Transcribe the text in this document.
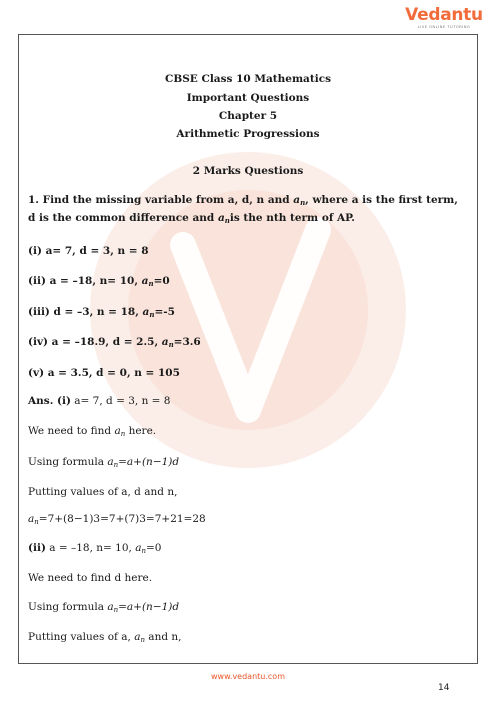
Vedantu
LIVE ONLINE TUTORING
CBSE Class 10 Mathematics
Important Questions
Chapter 5
Arithmetic Progressions
2 Marks Questions
1. Find the missing variable from a, d, n and $a_n$, where a is the first term, d is the common difference and $a_nis$ the nth term of AP.
(i) a= 7, d = 3, n = 8
(ii) a = –18, n= 10, $a_n=0$
(iii) d = –3, n = 18, $a_n=-5$
(iv) a = –18.9, d = 2.5, $a_n=3.6$
(v) a = 3.5, d = 0, n = 105
Ans. (i) a= 7, d = 3, n = 8
We need to find $a_n$ here.
Using formula $a_n=a+(n-1)d$
Putting values of a, d and n,
$a_n=7+(8-1)3=7+(7)3=7+21=28$
(ii) a = –18, n= 10, $a_n=0$
We need to find d here.
Using formula $a_n=a+(n-1)d$
Putting values of a, $a_n$ and n,
www.vedantu.com
14
